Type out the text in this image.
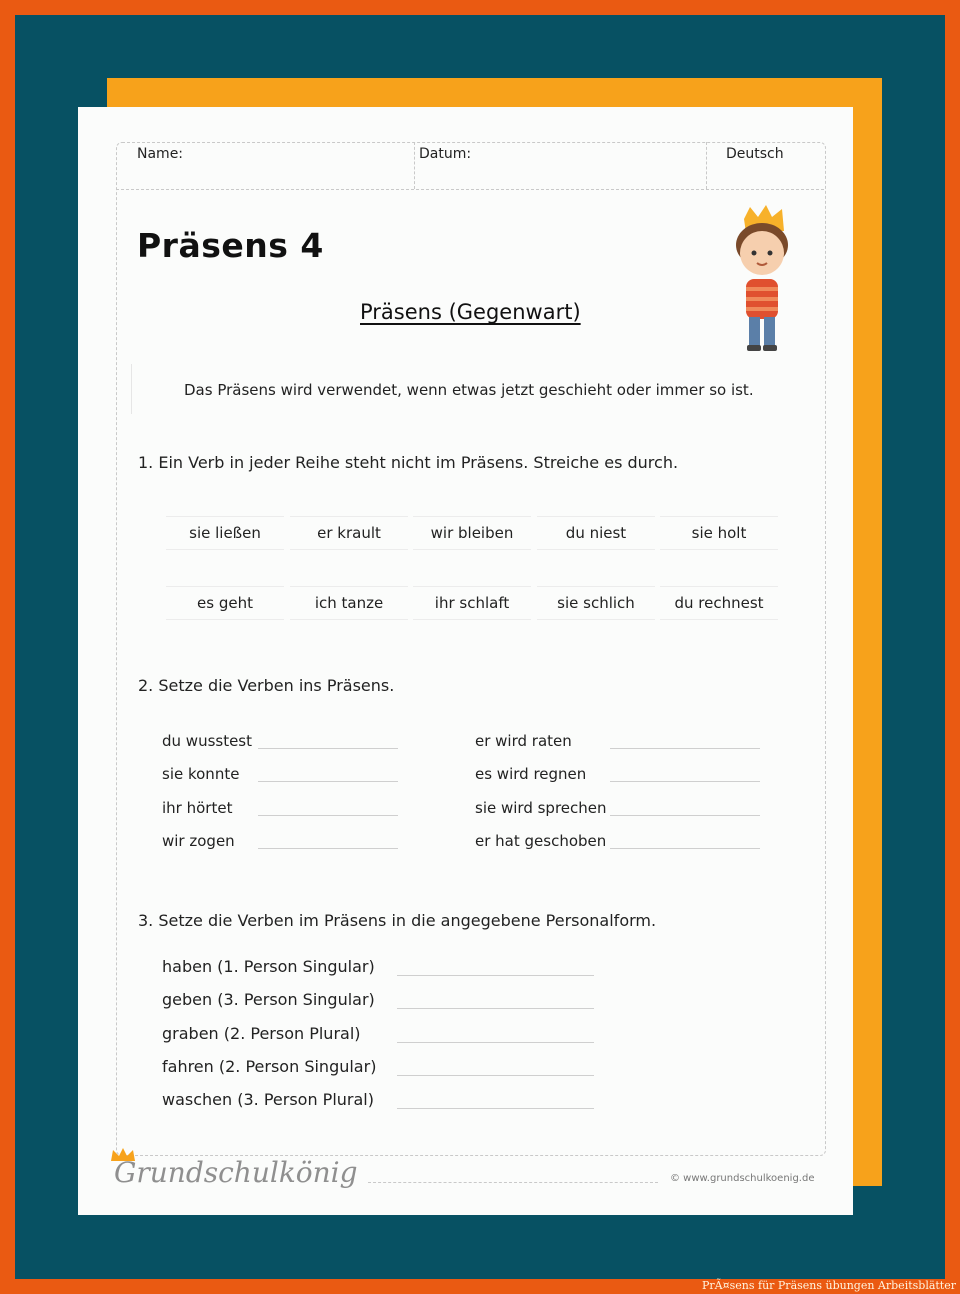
Name:	Datum:	Deutsch
Präsens 4
Präsens (Gegenwart)
Das Präsens wird verwendet, wenn etwas jetzt geschieht oder immer so ist.
1. Ein Verb in jeder Reihe steht nicht im Präsens. Streiche es durch.
sie ließen	er krault	wir bleiben	du niest	sie holt
es geht	ich tanze	ihr schlaft	sie schlich	du rechnest
2. Setze die Verben ins Präsens.
du wusstest
sie konnte
ihr hörtet
wir zogen
er wird raten
es wird regnen
sie wird sprechen
er hat geschoben
3. Setze die Verben im Präsens in die angegebene Personalform.
haben (1. Person Singular)
geben (3. Person Singular)
graben (2. Person Plural)
fahren (2. Person Singular)
waschen (3. Person Plural)
Grundschulkönig	© www.grundschulkoenig.de
PrÃ¤sens für Präsens übungen Arbeitsblätter
